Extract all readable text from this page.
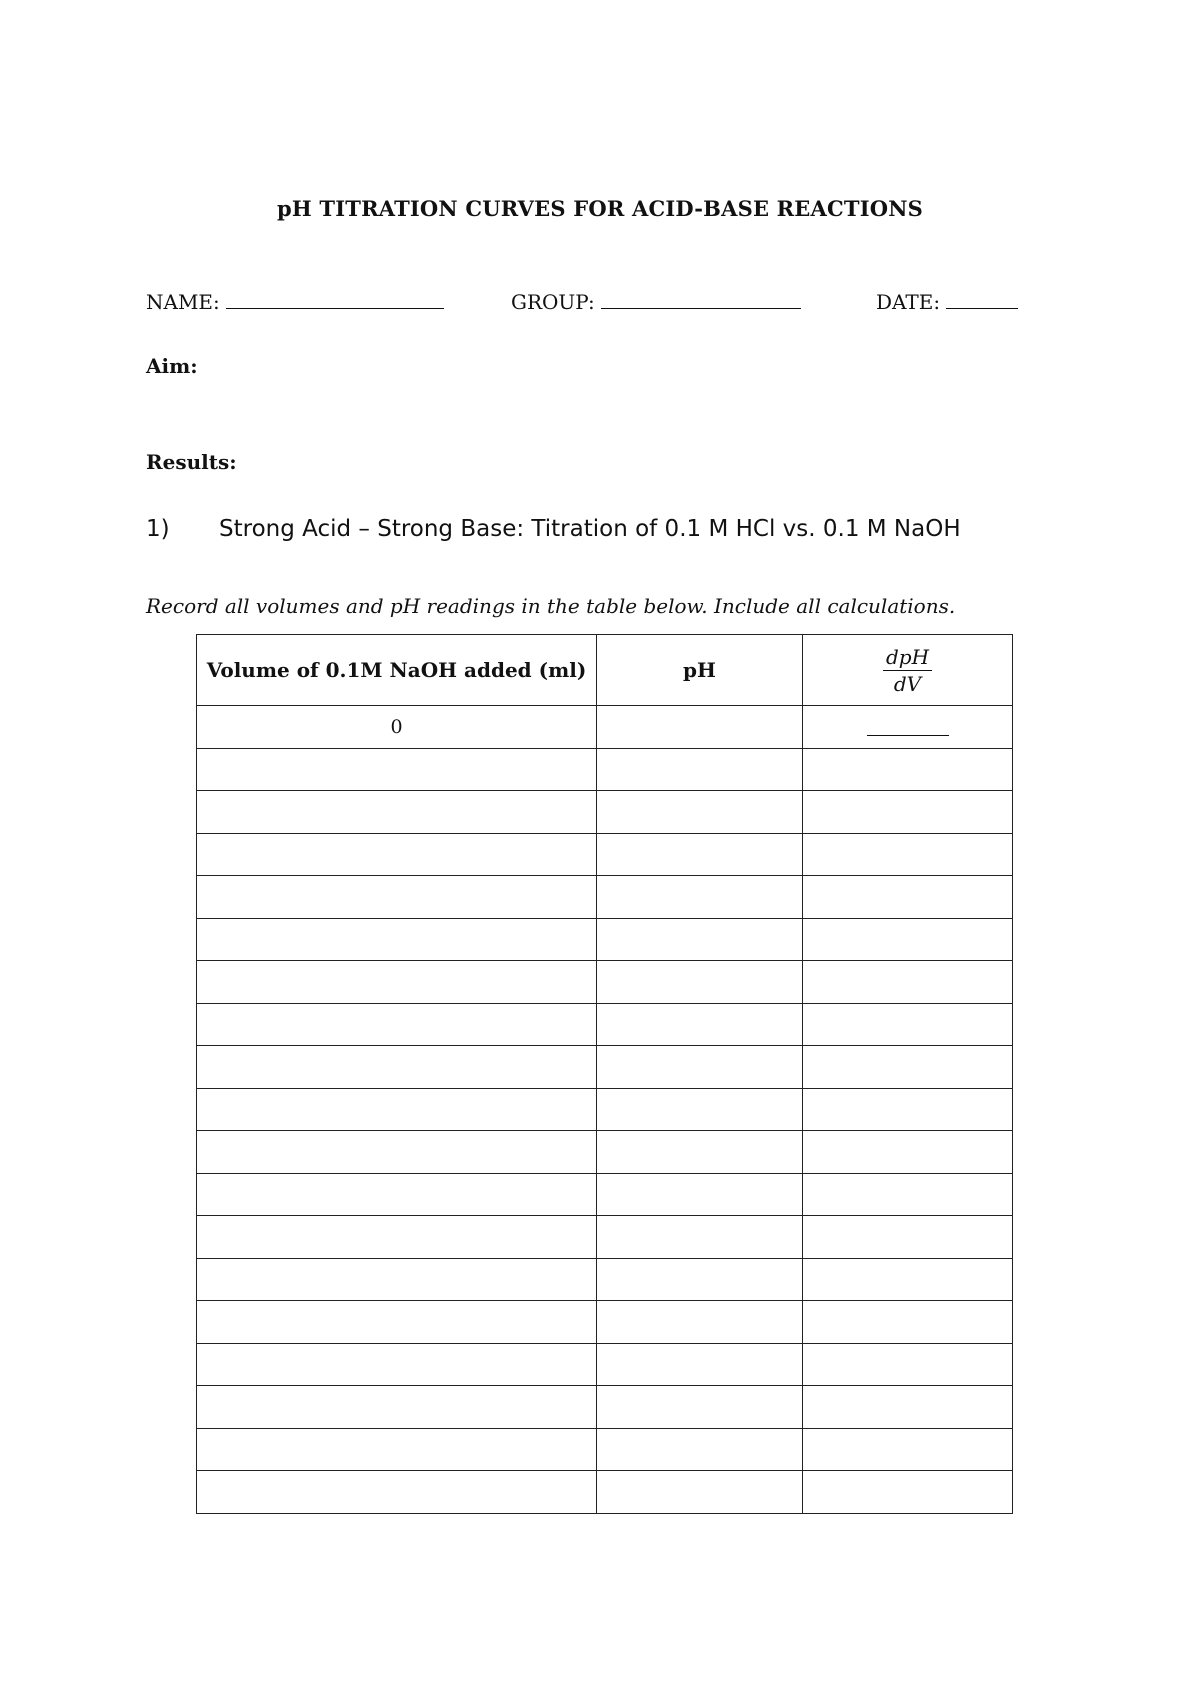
pH TITRATION CURVES FOR ACID-BASE REACTIONS
NAME:	GROUP:	DATE:
Aim:
Results:
1) Strong Acid – Strong Base: Titration of 0.1 M HCl vs. 0.1 M NaOH
Record all volumes and pH readings in the table below. Include all calculations.
Volume of 0.1M NaOH added (ml)	pH	$\frac{\text{dpH}}{dV}$

0		
